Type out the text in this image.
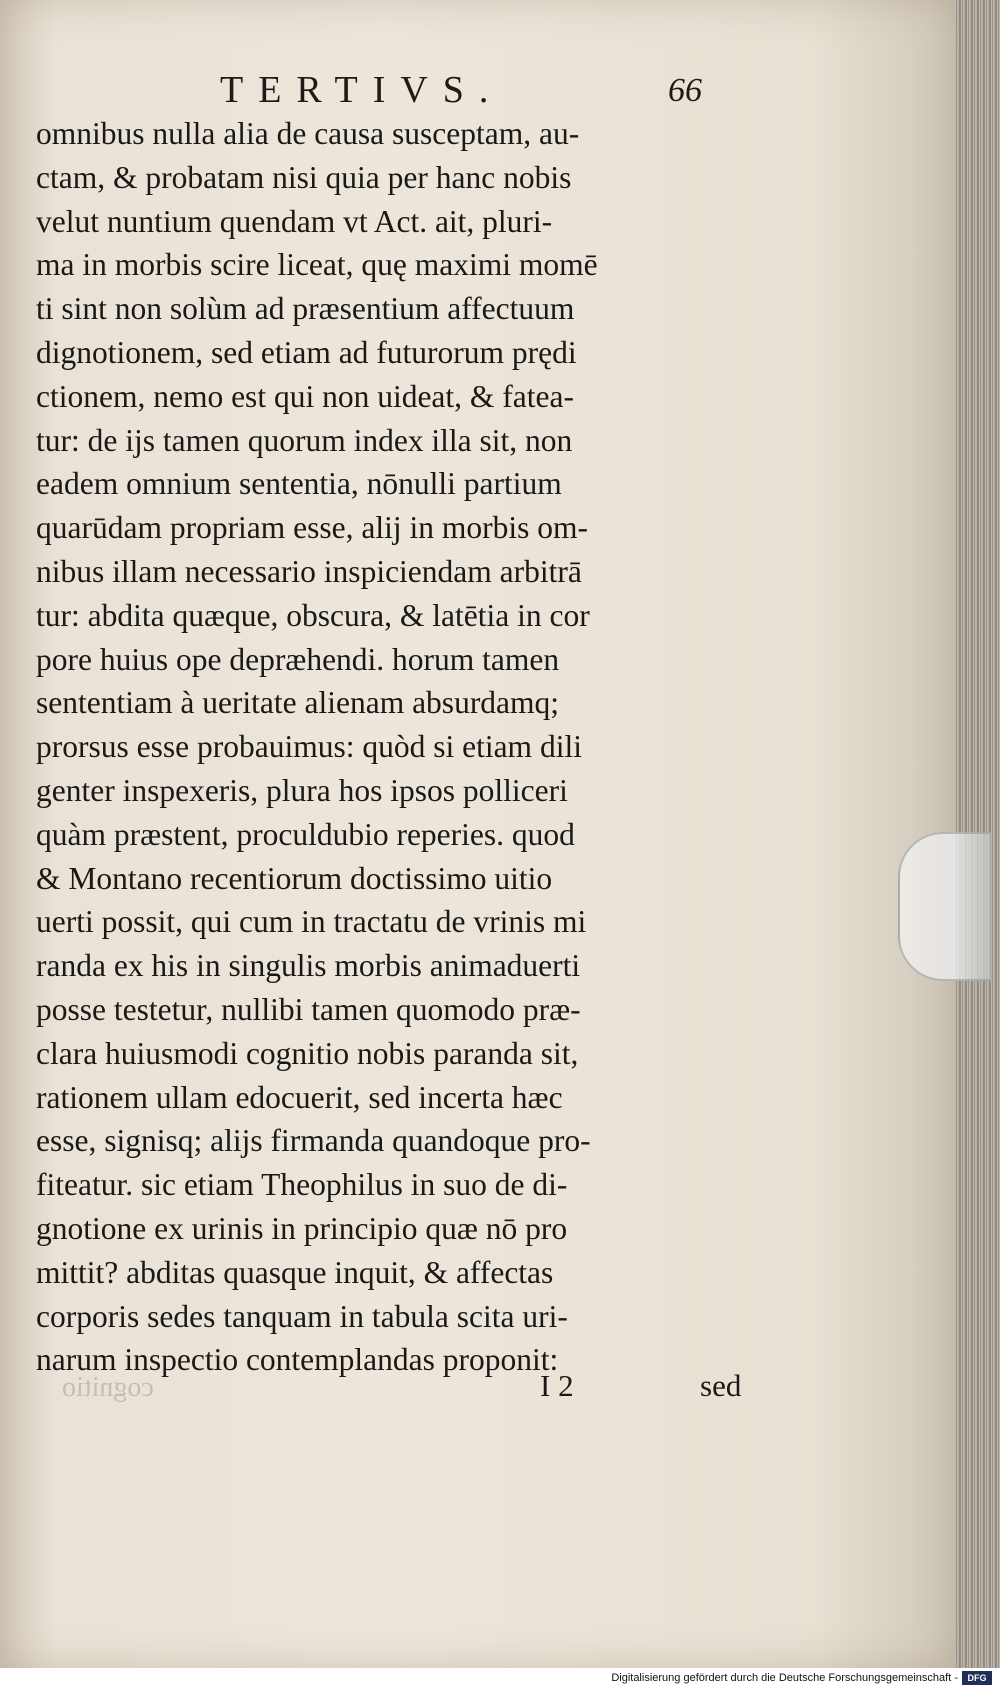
TERTIVS.	66
omnibus nulla alia de causa susceptam, au-
ctam, & probatam nisi quia per hanc nobis
velut nuntium quendam vt Act. ait, pluri-
ma in morbis scire liceat, quę maximi momē
ti sint non solùm ad præsentium affectuum
dignotionem, sed etiam ad futurorum prędi
ctionem, nemo est qui non uideat, & fatea-
tur: de ijs tamen quorum index illa sit, non
eadem omnium sententia, nōnulli partium
quarūdam propriam esse, alij in morbis om-
nibus illam necessario inspiciendam arbitrā
tur: abdita quæque, obscura, & latētia in cor
pore huius ope depræhendi. horum tamen
sententiam à ueritate alienam absurdamq;
prorsus esse probauimus: quòd si etiam dili
genter inspexeris, plura hos ipsos polliceri
quàm præstent, proculdubio reperies. quod
& Montano recentiorum doctissimo uitio
uerti possit, qui cum in tractatu de vrinis mi
randa ex his in singulis morbis animaduerti
posse testetur, nullibi tamen quomodo præ-
clara huiusmodi cognitio nobis paranda sit,
rationem ullam edocuerit, sed incerta hæc
esse, signisq; alijs firmanda quandoque pro-
fiteatur. sic etiam Theophilus in suo de di-
gnotione ex urinis in principio quæ nō pro
mittit? abditas quasque inquit, & affectas
corporis sedes tanquam in tabula scita uri-
narum inspectio contemplandas proponit:
cognitio	I 2	sed
Digitalisierung gefördert durch die Deutsche Forschungsgemeinschaft -	DFG
